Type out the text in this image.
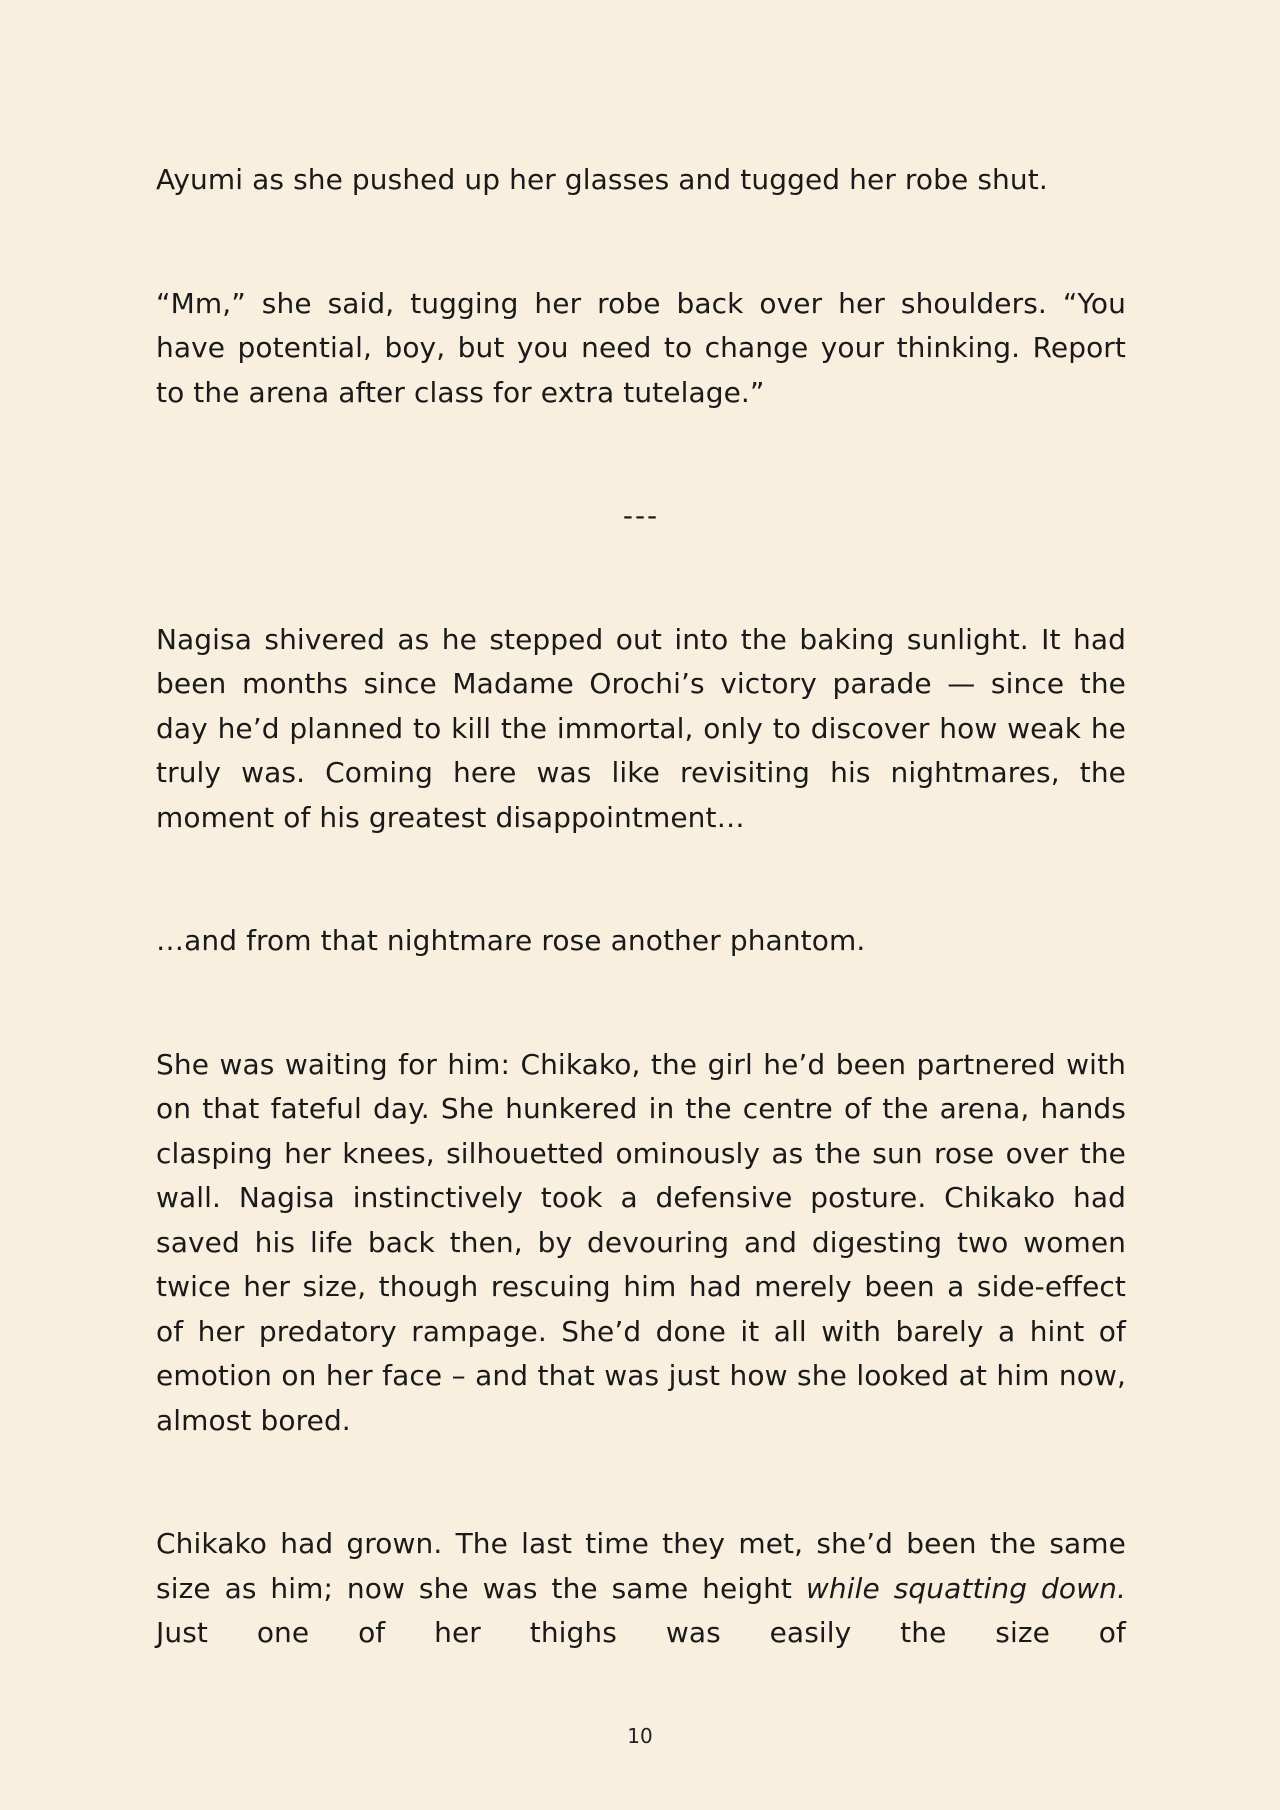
Ayumi as she pushed up her glasses and tugged her robe shut.

“Mm,” she said, tugging her robe back over her shoulders. “You have potential, boy, but you need to change your thinking. Report to the arena after class for extra tutelage.”

---

Nagisa shivered as he stepped out into the baking sunlight. It had been months since Madame Orochi’s victory parade — since the day he’d planned to kill the immortal, only to discover how weak he truly was. Coming here was like revisiting his nightmares, the moment of his greatest disappointment…

…and from that nightmare rose another phantom.

She was waiting for him: Chikako, the girl he’d been partnered with on that fateful day. She hunkered in the centre of the arena, hands clasping her knees, silhouetted ominously as the sun rose over the wall. Nagisa instinctively took a defensive posture. Chikako had saved his life back then, by devouring and digesting two women twice her size, though rescuing him had merely been a side-effect of her predatory rampage. She’d done it all with barely a hint of emotion on her face – and that was just how she looked at him now, almost bored.

Chikako had grown. The last time they met, she’d been the same size as him; now she was the same height while squatting down. Just one of her thighs was easily the size of

10
